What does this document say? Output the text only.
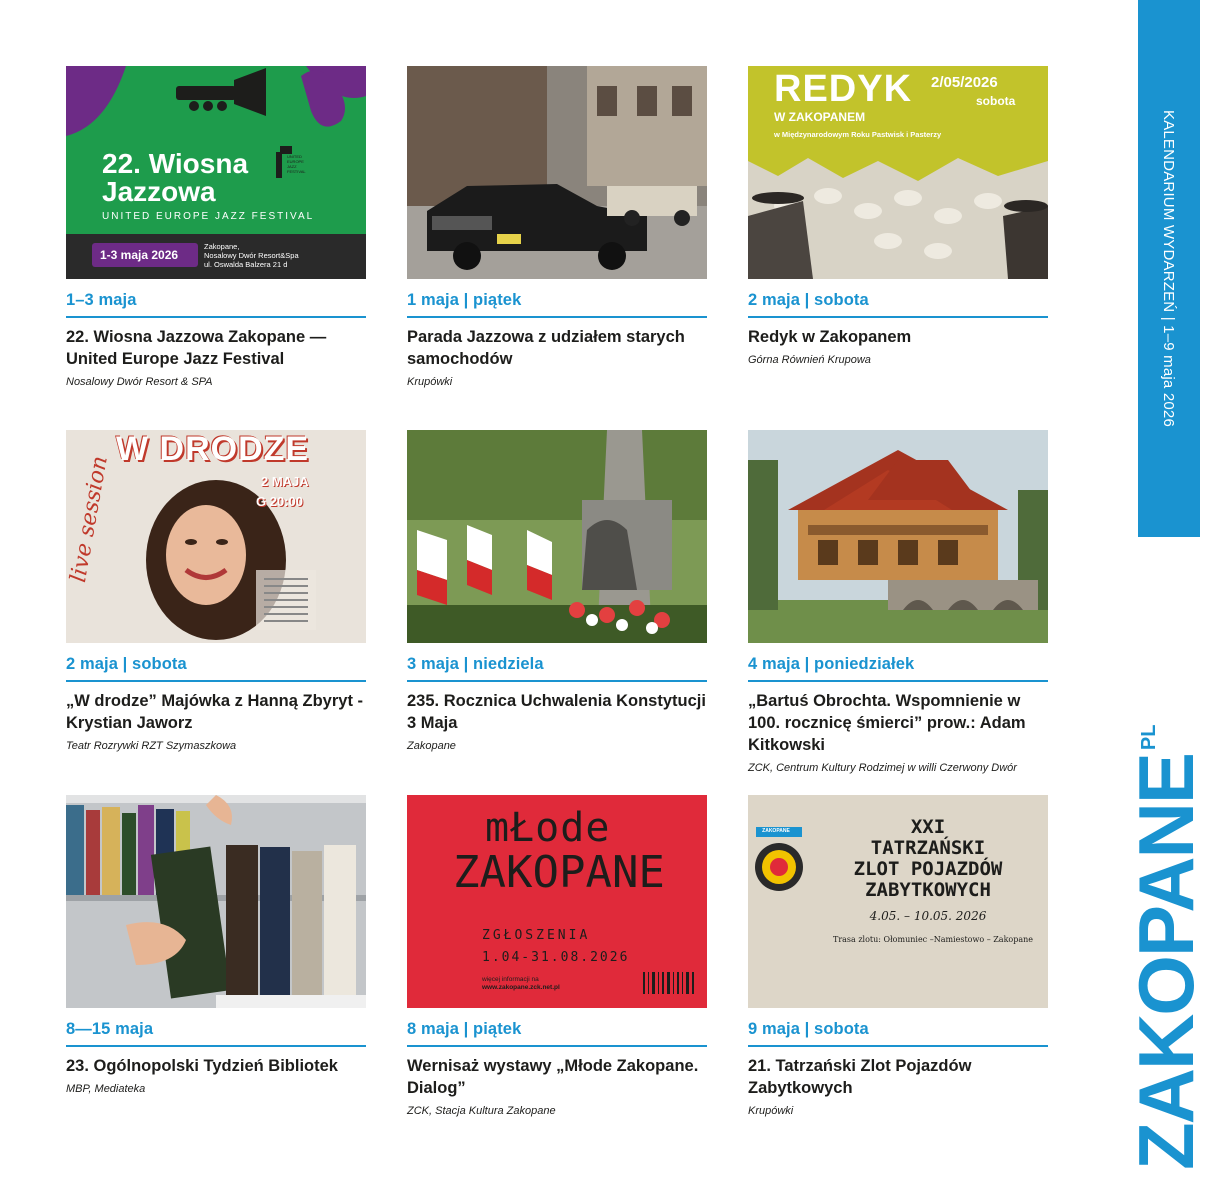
22. Wiosna Jazzowa
UNITED EUROPE JAZZ FESTIVAL
UNITED EUROPE JAZZ FESTIVAL
1-3 maja 2026
Zakopane,
Nosalowy Dwór Resort&Spa
ul. Oswalda Balzera 21 d
1–3 maja
22. Wiosna Jazzowa Zakopane — United Europe Jazz Festival
Nosalowy Dwór Resort & SPA
1 maja | piątek
Parada Jazzowa z udziałem starych samochodów
Krupówki
REDYK
W ZAKOPANEM
2/05/2026
sobota
w Międzynarodowym Roku Pastwisk i Pasterzy
2 maja | sobota
Redyk w Zakopanem
Górna Równień Krupowa
W DRODZE
2 MAJA
G 20:00
live session
2 maja | sobota
„W drodze” Majówka z Hanną Zbyryt - Krystian Jaworz
Teatr Rozrywki RZT Szymaszkowa
3 maja | niedziela
235. Rocznica Uchwalenia Konstytucji 3 Maja
Zakopane
4 maja | poniedziałek
„Bartuś Obrochta. Wspomnienie w 100. rocznicę śmierci” prow.: Adam Kitkowski
ZCK, Centrum Kultury Rodzimej w willi Czerwony Dwór
8—15 maja
23. Ogólnopolski Tydzień Bibliotek
MBP, Mediateka
mŁode
ZAKOPANE
ZGŁOSZENIA
1.04-31.08.2026
więcej informacji na
www.zakopane.zck.net.pl
8 maja | piątek
Wernisaż wystawy „Młode Zakopane. Dialog”
ZCK, Stacja Kultura Zakopane
ZAKOPANE	XXI
TATRZAŃSKI
ZLOT POJAZDÓW
ZABYTKOWYCH
4.05. – 10.05. 2026
Trasa zlotu: Ołomuniec –Namiestowo – Zakopane
9 maja | sobota
21. Tatrzański Zlot Pojazdów Zabytkowych
Krupówki
KALENDARIUM WYDARZEŃ | 1–9 maja 2026
ZAKOPANE
PL
